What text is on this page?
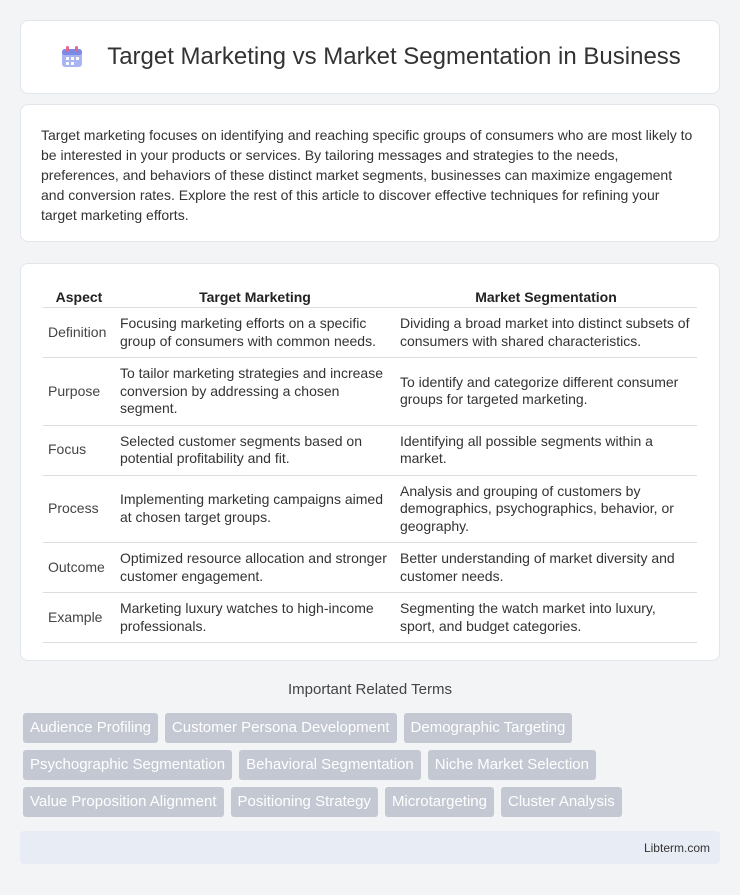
Target Marketing vs Market Segmentation in Business

Target marketing focuses on identifying and reaching specific groups of consumers who are most likely to be interested in your products or services. By tailoring messages and strategies to the needs, preferences, and behaviors of these distinct market segments, businesses can maximize engagement and conversion rates. Explore the rest of this article to discover effective techniques for refining your target marketing efforts.

Aspect	Target Marketing	Market Segmentation
Definition	Focusing marketing efforts on a specific group of consumers with common needs.	Dividing a broad market into distinct subsets of consumers with shared characteristics.
Purpose	To tailor marketing strategies and increase conversion by addressing a chosen segment.	To identify and categorize different consumer groups for targeted marketing.
Focus	Selected customer segments based on potential profitability and fit.	Identifying all possible segments within a market.
Process	Implementing marketing campaigns aimed at chosen target groups.	Analysis and grouping of customers by demographics, psychographics, behavior, or geography.
Outcome	Optimized resource allocation and stronger customer engagement.	Better understanding of market diversity and customer needs.
Example	Marketing luxury watches to high-income professionals.	Segmenting the watch market into luxury, sport, and budget categories.
Important Related Terms
Audience Profiling	Customer Persona Development	Demographic Targeting
Psychographic Segmentation	Behavioral Segmentation	Niche Market Selection
Value Proposition Alignment	Positioning Strategy	Microtargeting	Cluster Analysis
Libterm.com
